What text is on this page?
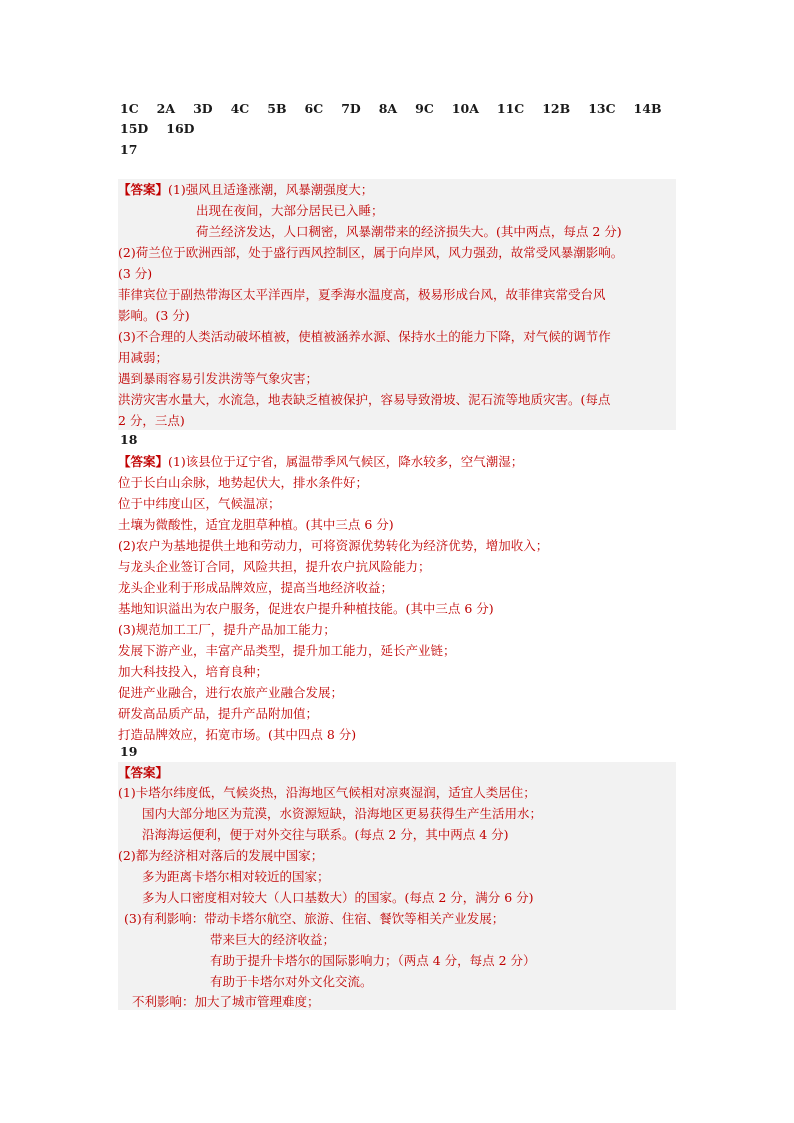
1C 2A 3D 4C 5B 6C 7D 8A 9C 10A 11C 12B 13C 14B15D 16D
17
【答案】(1)强风且适逢涨潮，风暴潮强度大；
出现在夜间，大部分居民已入睡；
荷兰经济发达，人口稠密，风暴潮带来的经济损失大。(其中两点，每点 2 分)
(2)荷兰位于欧洲西部，处于盛行西风控制区，属于向岸风，风力强劲，故常受风暴潮影响。
(3 分)
菲律宾位于副热带海区太平洋西岸，夏季海水温度高，极易形成台风，故菲律宾常受台风
影响。(3 分)
(3)不合理的人类活动破坏植被，使植被涵养水源、保持水土的能力下降，对气候的调节作
用减弱；
遇到暴雨容易引发洪涝等气象灾害；
洪涝灾害水量大，水流急，地表缺乏植被保护，容易导致滑坡、泥石流等地质灾害。(每点
2 分，三点)
18
【答案】(1)该县位于辽宁省，属温带季风气候区，降水较多，空气潮湿；
位于长白山余脉，地势起伏大，排水条件好；
位于中纬度山区，气候温凉；
土壤为微酸性，适宜龙胆草种植。(其中三点 6 分)
(2)农户为基地提供土地和劳动力，可将资源优势转化为经济优势，增加收入；
与龙头企业签订合同，风险共担，提升农户抗风险能力；
龙头企业利于形成品牌效应，提高当地经济收益；
基地知识溢出为农户服务，促进农户提升种植技能。(其中三点 6 分)
(3)规范加工工厂，提升产品加工能力；
发展下游产业，丰富产品类型，提升加工能力，延长产业链；
加大科技投入，培育良种；
促进产业融合，进行农旅产业融合发展；
研发高品质产品，提升产品附加值；
打造品牌效应，拓宽市场。(其中四点 8 分)
19
【答案】
(1)卡塔尔纬度低，气候炎热，沿海地区气候相对凉爽湿润，适宜人类居住；
国内大部分地区为荒漠，水资源短缺，沿海地区更易获得生产生活用水；
沿海海运便利，便于对外交往与联系。(每点 2 分，其中两点 4 分)
(2)都为经济相对落后的发展中国家；
多为距离卡塔尔相对较近的国家；
多为人口密度相对较大（人口基数大）的国家。(每点 2 分，满分 6 分)
(3)有利影响：带动卡塔尔航空、旅游、住宿、餐饮等相关产业发展；
带来巨大的经济收益；
有助于提升卡塔尔的国际影响力；（两点 4 分，每点 2 分）
有助于卡塔尔对外文化交流。
不利影响：加大了城市管理难度；
